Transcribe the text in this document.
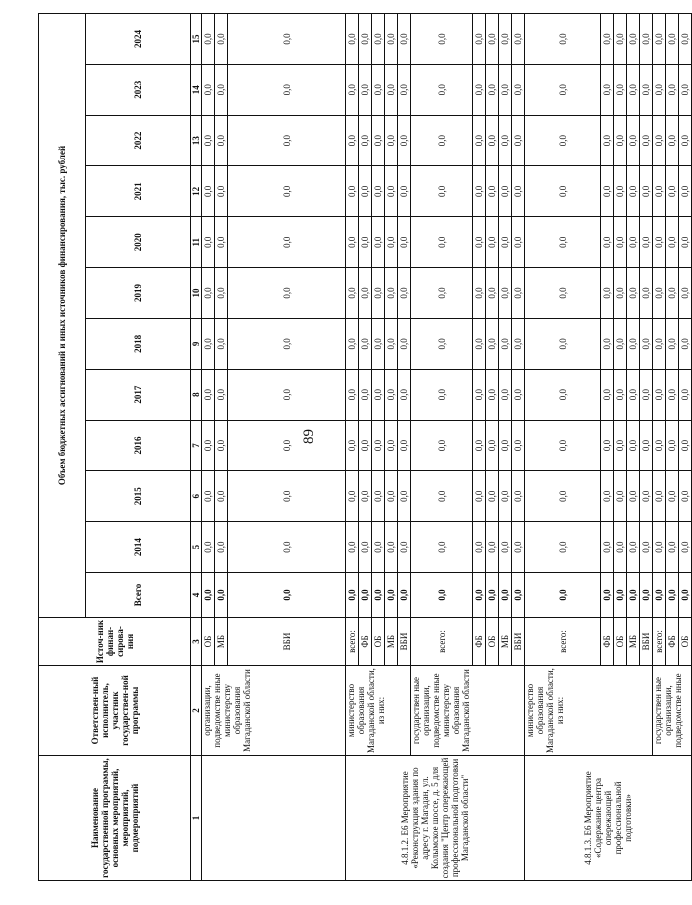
89
Наименование государственной программы, основных мероприятий, мероприятий, подмероприятий	Ответствен-ный исполнитель, участник государствен-ной программы	Источ-ник финан-сирова-ния	Объем бюджетных ассигнований и иных источников финансирования, тыс. рублей											
			Всего	2014	2015	2016	2017	2018	2019	2020	2021	2022	2023	2024
1	2	3	4	5	6	7	8	9	10	11	12	13	14	15
	организации, подведомстве нные министерству образования Магаданской области	ОБ	0,0	0,0	0,0	0,0	0,0	0,0	0,0	0,0	0,0	0,0	0,0	0,0
		МБ	0,0	0,0	0,0	0,0	0,0	0,0	0,0	0,0	0,0	0,0	0,0	0,0
		ВБИ	0,0	0,0	0,0	0,0	0,0	0,0	0,0	0,0	0,0	0,0	0,0	0,0
4.8.1.2. Е6 Мероприятие «Реконструкция здания по адресу г. Магадан, ул. Колымское шоссе, д. 5 для создания "Центр опережающей профессиональной подготовки Магаданской области"	министерство образования Магаданской области, из них:	всего:	0,0	0,0	0,0	0,0	0,0	0,0	0,0	0,0	0,0	0,0	0,0	0,0
		ФБ	0,0	0,0	0,0	0,0	0,0	0,0	0,0	0,0	0,0	0,0	0,0	0,0
		ОБ	0,0	0,0	0,0	0,0	0,0	0,0	0,0	0,0	0,0	0,0	0,0	0,0
		МБ	0,0	0,0	0,0	0,0	0,0	0,0	0,0	0,0	0,0	0,0	0,0	0,0
		ВБИ	0,0	0,0	0,0	0,0	0,0	0,0	0,0	0,0	0,0	0,0	0,0	0,0
	государствен ные организации, подведомстве нные министерству образования Магаданской области	всего:	0,0	0,0	0,0	0,0	0,0	0,0	0,0	0,0	0,0	0,0	0,0	0,0
		ФБ	0,0	0,0	0,0	0,0	0,0	0,0	0,0	0,0	0,0	0,0	0,0	0,0
		ОБ	0,0	0,0	0,0	0,0	0,0	0,0	0,0	0,0	0,0	0,0	0,0	0,0
		МБ	0,0	0,0	0,0	0,0	0,0	0,0	0,0	0,0	0,0	0,0	0,0	0,0
		ВБИ	0,0	0,0	0,0	0,0	0,0	0,0	0,0	0,0	0,0	0,0	0,0	0,0
4.8.1.3. Е6 Мероприятие «Содержание центра опережающей профессиональной подготовки»	министерство образования Магаданской области, из них:	всего:	0,0	0,0	0,0	0,0	0,0	0,0	0,0	0,0	0,0	0,0	0,0	0,0
		ФБ	0,0	0,0	0,0	0,0	0,0	0,0	0,0	0,0	0,0	0,0	0,0	0,0
		ОБ	0,0	0,0	0,0	0,0	0,0	0,0	0,0	0,0	0,0	0,0	0,0	0,0
		МБ	0,0	0,0	0,0	0,0	0,0	0,0	0,0	0,0	0,0	0,0	0,0	0,0
		ВБИ	0,0	0,0	0,0	0,0	0,0	0,0	0,0	0,0	0,0	0,0	0,0	0,0
	государствен ные организации, подведомстве нные	всего:	0,0	0,0	0,0	0,0	0,0	0,0	0,0	0,0	0,0	0,0	0,0	0,0
		ФБ	0,0	0,0	0,0	0,0	0,0	0,0	0,0	0,0	0,0	0,0	0,0	0,0
		ОБ	0,0	0,0	0,0	0,0	0,0	0,0	0,0	0,0	0,0	0,0	0,0	0,0
